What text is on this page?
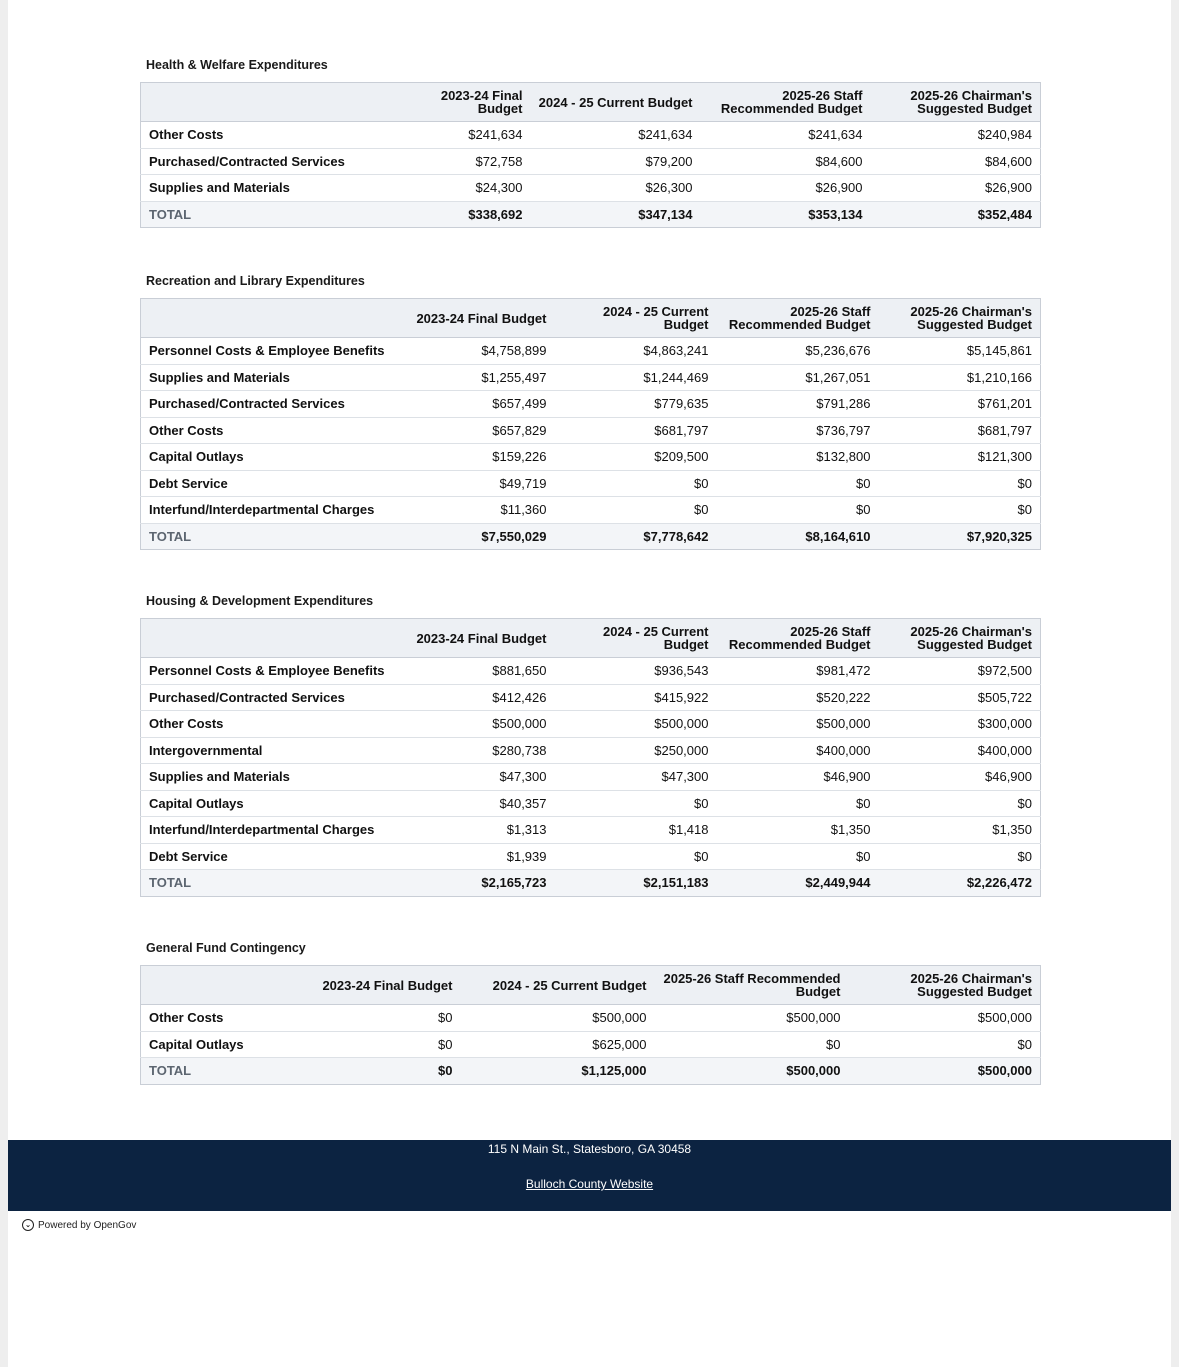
Health & Welfare Expenditures
	2023-24 Final Budget	2024 - 25 Current Budget	2025-26 Staff Recommended Budget	2025-26 Chairman's Suggested Budget
Other Costs	$241,634	$241,634	$241,634	$240,984
Purchased/Contracted Services	$72,758	$79,200	$84,600	$84,600
Supplies and Materials	$24,300	$26,300	$26,900	$26,900
TOTAL	$338,692	$347,134	$353,134	$352,484
Recreation and Library Expenditures
	2023-24 Final Budget	2024 - 25 Current Budget	2025-26 Staff Recommended Budget	2025-26 Chairman's Suggested Budget
Personnel Costs & Employee Benefits	$4,758,899	$4,863,241	$5,236,676	$5,145,861
Supplies and Materials	$1,255,497	$1,244,469	$1,267,051	$1,210,166
Purchased/Contracted Services	$657,499	$779,635	$791,286	$761,201
Other Costs	$657,829	$681,797	$736,797	$681,797
Capital Outlays	$159,226	$209,500	$132,800	$121,300
Debt Service	$49,719	$0	$0	$0
Interfund/Interdepartmental Charges	$11,360	$0	$0	$0
TOTAL	$7,550,029	$7,778,642	$8,164,610	$7,920,325
Housing & Development Expenditures
	2023-24 Final Budget	2024 - 25 Current Budget	2025-26 Staff Recommended Budget	2025-26 Chairman's Suggested Budget
Personnel Costs & Employee Benefits	$881,650	$936,543	$981,472	$972,500
Purchased/Contracted Services	$412,426	$415,922	$520,222	$505,722
Other Costs	$500,000	$500,000	$500,000	$300,000
Intergovernmental	$280,738	$250,000	$400,000	$400,000
Supplies and Materials	$47,300	$47,300	$46,900	$46,900
Capital Outlays	$40,357	$0	$0	$0
Interfund/Interdepartmental Charges	$1,313	$1,418	$1,350	$1,350
Debt Service	$1,939	$0	$0	$0
TOTAL	$2,165,723	$2,151,183	$2,449,944	$2,226,472
General Fund Contingency
	2023-24 Final Budget	2024 - 25 Current Budget	2025-26 Staff Recommended Budget	2025-26 Chairman's Suggested Budget
Other Costs	$0	$500,000	$500,000	$500,000
Capital Outlays	$0	$625,000	$0	$0
TOTAL	$0	$1,125,000	$500,000	$500,000
115 N Main St., Statesboro, GA 30458
Bulloch County Website
⌄ Powered by OpenGov
